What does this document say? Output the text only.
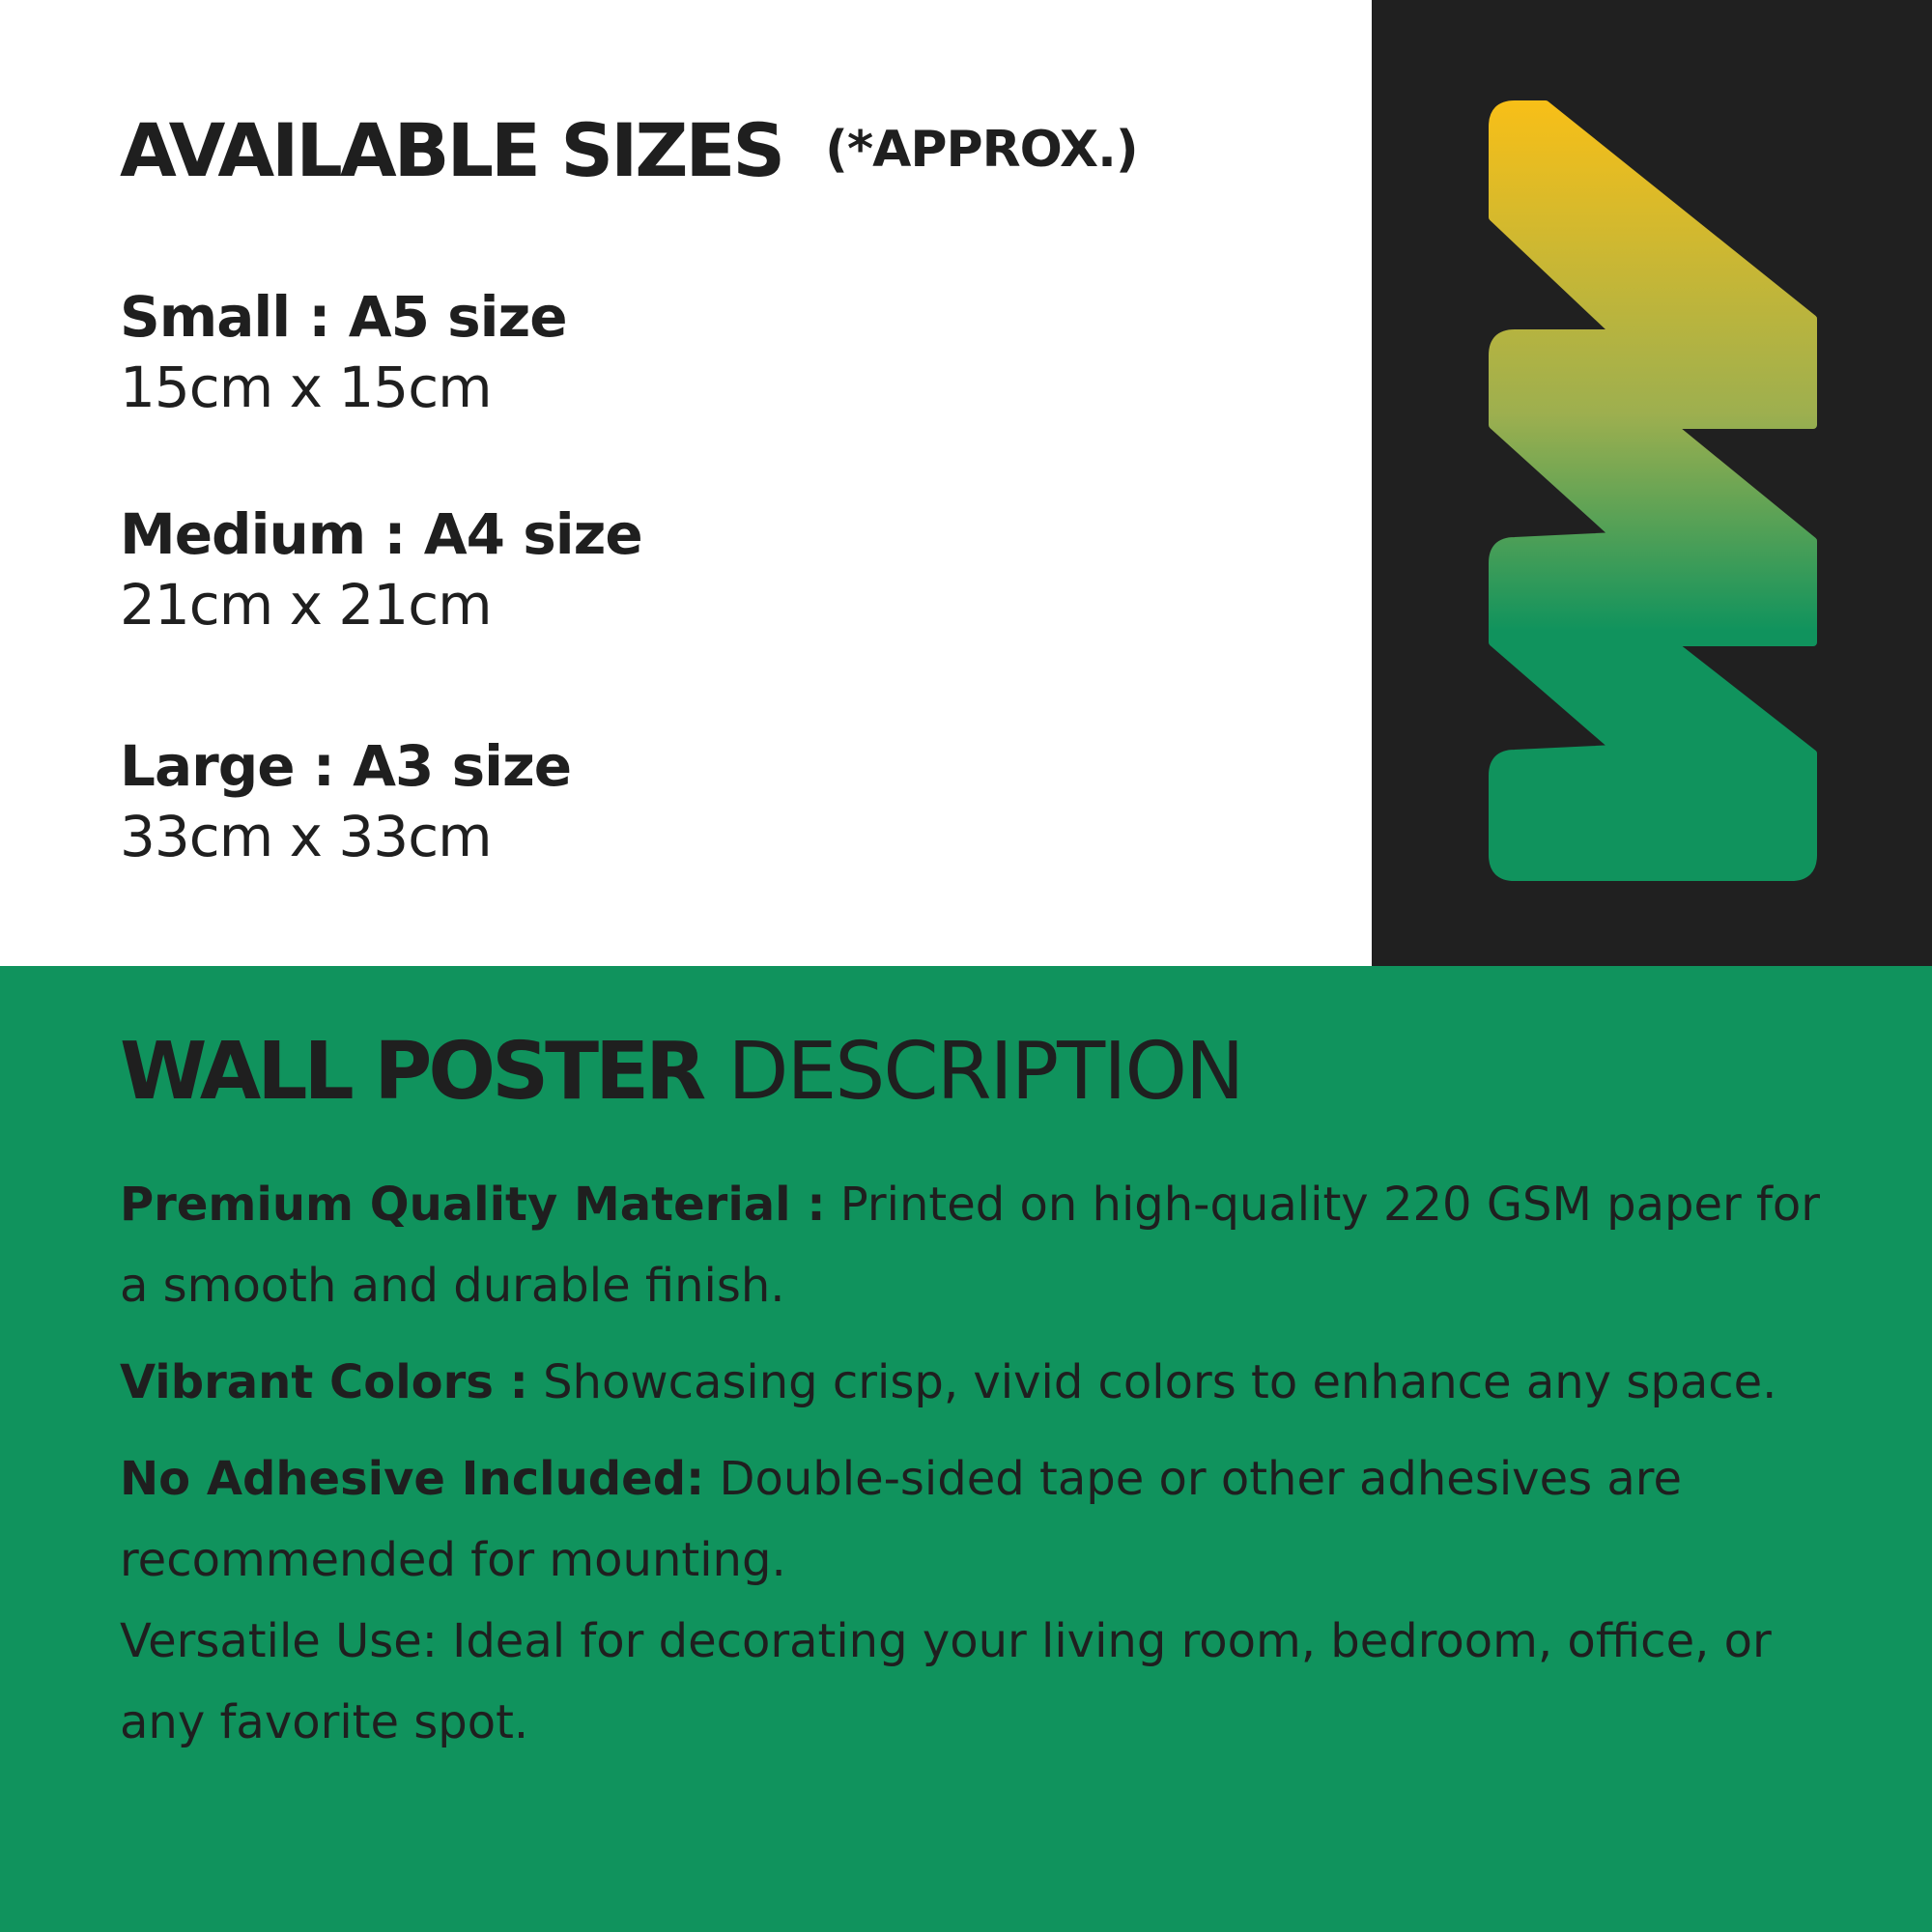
AVAILABLE SIZES (*APPROX.)
Small : A5 size
15cm x 15cm
Medium : A4 size
21cm x 21cm
Large : A3 size
33cm x 33cm
WALL POSTER DESCRIPTION

Premium Quality Material : Printed on high-quality 220 GSM paper for a smooth and durable finish.

Vibrant Colors : Showcasing crisp, vivid colors to enhance any space.

No Adhesive Included: Double-sided tape or other adhesives are recommended for mounting.

Versatile Use: Ideal for decorating your living room, bedroom, office, or any favorite spot.
